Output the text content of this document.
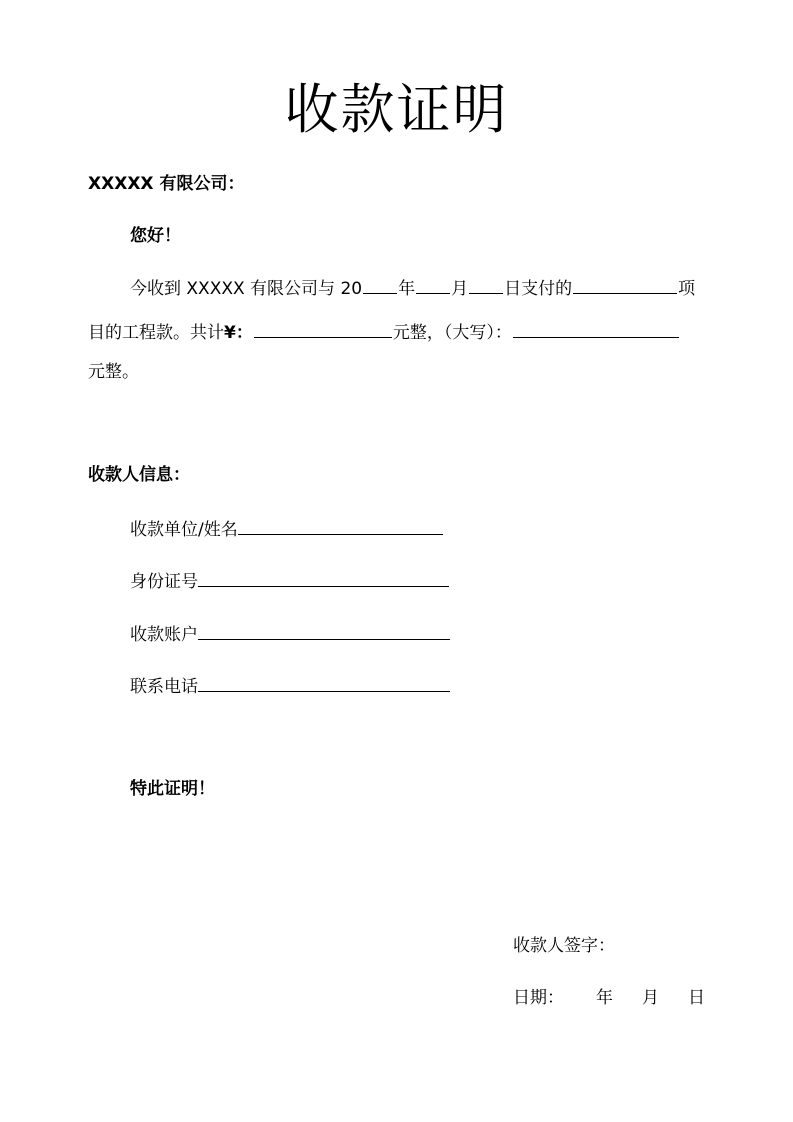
收款证明
XXXXX 有限公司：
您好！
今收到 XXXXX 有限公司与 20 年 月 日支付的	项
目的工程款。共计¥：	元整，（大写）：
元整。
收款人信息：
收款单位/姓名
身份证号
收款账户
联系电话
特此证明！
收款人签字：
日期： 年 月 日
